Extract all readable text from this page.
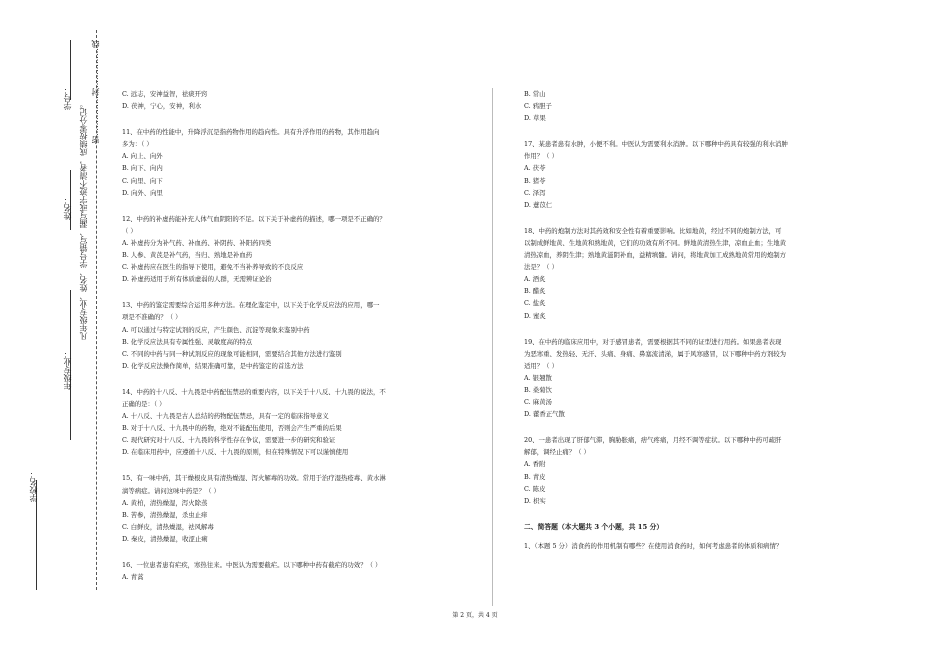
学号：
姓名：
年级专业：
凡年级专业、姓名、学号错写、漏写或字迹不清者，成绩按零分记。
密……………封……………线
学校名：

C. 远志，安神益智，祛痰开窍

D. 茯神，宁心，安神，利水

11、在中药的性能中，升降浮沉是指药物作用的趋向性。具有升浮作用的药物，其作用趋向

多为：（ ）

A. 向上、向外

B. 向下、向内

C. 向里、向下

D. 向外、向里

12、中药的补虚药能补充人体气血阴阳的不足。以下关于补虚药的描述，哪一项是不正确的？

（ ）

A. 补虚药分为补气药、补血药、补阴药、补阳药四类

B. 人参、黄芪是补气药，当归、熟地是补血药

C. 补虚药应在医生的指导下使用，避免不当补养导致的不良反应

D. 补虚药适用于所有体质虚弱的人群，无需辨证论治

13、中药的鉴定需要综合运用多种方法。在理化鉴定中，以下关于化学反应法的应用，哪一

项是不准确的？（ ）

A. 可以通过与特定试剂的反应，产生颜色、沉淀等现象来鉴别中药

B. 化学反应法具有专属性强、灵敏度高的特点

C. 不同的中药与同一种试剂反应的现象可能相同，需要结合其他方法进行鉴别

D. 化学反应法操作简单，结果准确可靠，是中药鉴定的首选方法

14、中药的十八反、十九畏是中药配伍禁忌的重要内容，以下关于十八反、十九畏的说法，不

正确的是：（ ）

A. 十八反、十九畏是古人总结的药物配伍禁忌，具有一定的临床指导意义

B. 对于十八反、十九畏中的药物，绝对不能配伍使用，否则会产生严重的后果

C. 现代研究对十八反、十九畏的科学性存在争议，需要进一步的研究和验证

D. 在临床用药中，应遵循十八反、十九畏的原则，但在特殊情况下可以谨慎使用

15、有一味中药，其干燥根皮具有清热燥湿、泻火解毒的功效。常用于治疗湿热疮毒、黄水淋

漓等病症。请问这味中药是？（ ）

A. 黄柏，清热燥湿，泻火除蒸

B. 苦参，清热燥湿，杀虫止痒

C. 白鲜皮，清热燥湿，祛风解毒

D. 秦皮，清热燥湿，收涩止痢

16、一位患者患有疟疾，寒热往来。中医认为需要截疟。以下哪种中药有截疟的功效？（ ）

A. 青蒿

B. 常山

C. 鸦胆子

D. 草果

17、某患者患有水肿，小便不利。中医认为需要利水消肿。以下哪种中药具有较强的利水消肿

作用？（ ）

A. 茯苓

B. 猪苓

C. 泽泻

D. 薏苡仁

18、中药的炮制方法对其药效和安全性有着重要影响。比如地黄，经过不同的炮制方法，可

以制成鲜地黄、生地黄和熟地黄，它们的功效有所不同。鲜地黄清热生津，凉血止血；生地黄

清热凉血，养阴生津；熟地黄滋阴补血，益精填髓。请问，将地黄加工成熟地黄常用的炮制方

法是？（ ）

A. 酒炙

B. 醋炙

C. 盐炙

D. 蜜炙

19、在中药的临床应用中，对于感冒患者，需要根据其不同的证型进行用药。如果患者表现

为恶寒重、发热轻、无汗、头痛、身痛、鼻塞流清涕，属于风寒感冒，以下哪种中药方剂较为

适用？（ ）

A. 银翘散

B. 桑菊饮

C. 麻黄汤

D. 藿香正气散

20、一患者出现了肝郁气滞，胸胁胀痛，痞气疼痛，月经不调等症状。以下哪种中药可疏肝

解郁，调经止痛？（ ）

A. 香附

B. 青皮

C. 陈皮

D. 枳实

二、简答题（本大题共 3 个小题，共 15 分）

1、（本题 5 分）消食药的作用机制有哪些？在使用消食药时，如何考虑患者的体质和病情？

第 2 页，共 4 页
